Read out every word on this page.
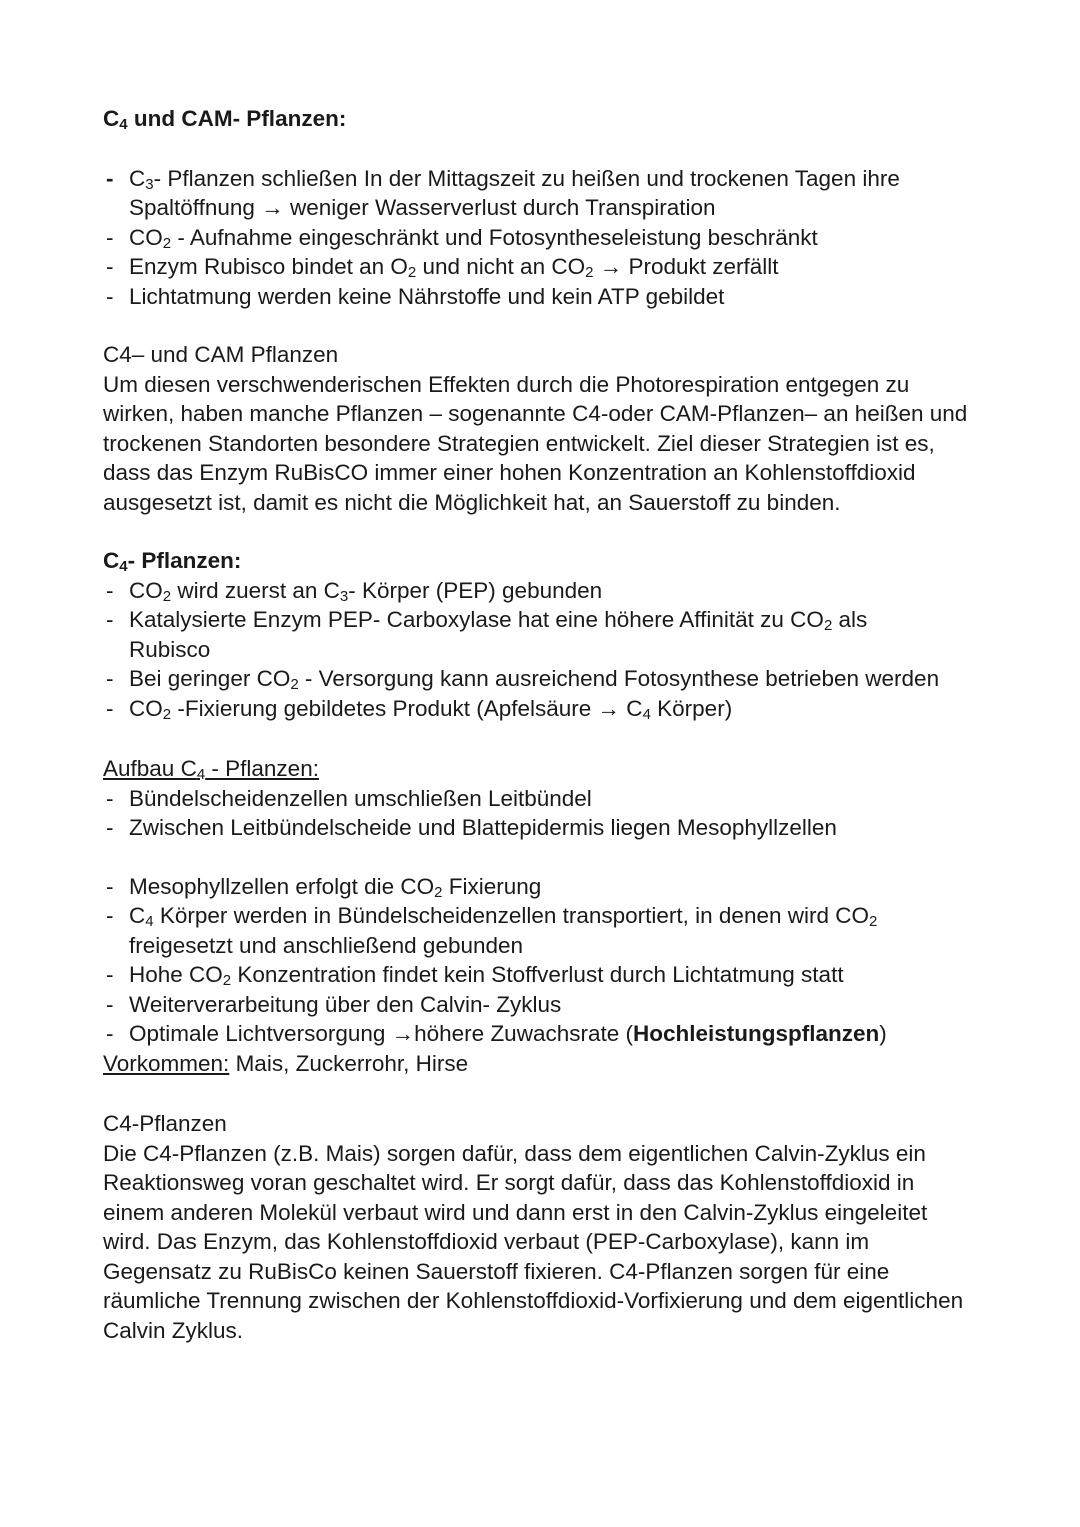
$C_4$ und CAM- Pflanzen:

- $C_3-$ Pflanzen schließen In der Mittagszeit zu heißen und trockenen Tagen ihre Spaltöffnung → weniger Wasserverlust durch Transpiration
- $CO_2$ - Aufnahme eingeschränkt und Fotosyntheseleistung beschränkt
- Enzym Rubisco bindet an $O_2$ und nicht an $CO_2$ → Produkt zerfällt
- Lichtatmung werden keine Nährstoffe und kein ATP gebildet

C4– und CAM Pflanzen

Um diesen verschwenderischen Effekten durch die Photorespiration entgegen zu wirken, haben manche Pflanzen – sogenannte C4-oder CAM-Pflanzen– an heißen und trockenen Standorten besondere Strategien entwickelt. Ziel dieser Strategien ist es, dass das Enzym RuBisCO immer einer hohen Konzentration an Kohlenstoffdioxid ausgesetzt ist, damit es nicht die Möglichkeit hat, an Sauerstoff zu binden.

$C_4-$ Pflanzen:

- $CO_2$ wird zuerst an $C_3-$ Körper (PEP) gebunden
- Katalysierte Enzym PEP- Carboxylase hat eine höhere Affinität zu $CO_2$ als Rubisco
- Bei geringer $CO_2$ - Versorgung kann ausreichend Fotosynthese betrieben werden
- $CO_2$ -Fixierung gebildetes Produkt (Apfelsäure → $C_4$ Körper)

Aufbau $C_4$ - Pflanzen:

- Bündelscheidenzellen umschließen Leitbündel
- Zwischen Leitbündelscheide und Blattepidermis liegen Mesophyllzellen
- Mesophyllzellen erfolgt die $CO_2$ Fixierung
- $C_4$ Körper werden in Bündelscheidenzellen transportiert, in denen wird $CO_2$ freigesetzt und anschließend gebunden
- Hohe $CO_2$ Konzentration findet kein Stoffverlust durch Lichtatmung statt
- Weiterverarbeitung über den Calvin- Zyklus
- Optimale Lichtversorgung →höhere Zuwachsrate (Hochleistungspflanzen)

Vorkommen: Mais, Zuckerrohr, Hirse

C4-Pflanzen

Die C4-Pflanzen (z.B. Mais) sorgen dafür, dass dem eigentlichen Calvin-Zyklus ein Reaktionsweg voran geschaltet wird. Er sorgt dafür, dass das Kohlenstoffdioxid in einem anderen Molekül verbaut wird und dann erst in den Calvin-Zyklus eingeleitet wird. Das Enzym, das Kohlenstoffdioxid verbaut (PEP-Carboxylase), kann im Gegensatz zu RuBisCo keinen Sauerstoff fixieren. C4-Pflanzen sorgen für eine räumliche Trennung zwischen der Kohlenstoffdioxid-Vorfixierung und dem eigentlichen Calvin Zyklus.
